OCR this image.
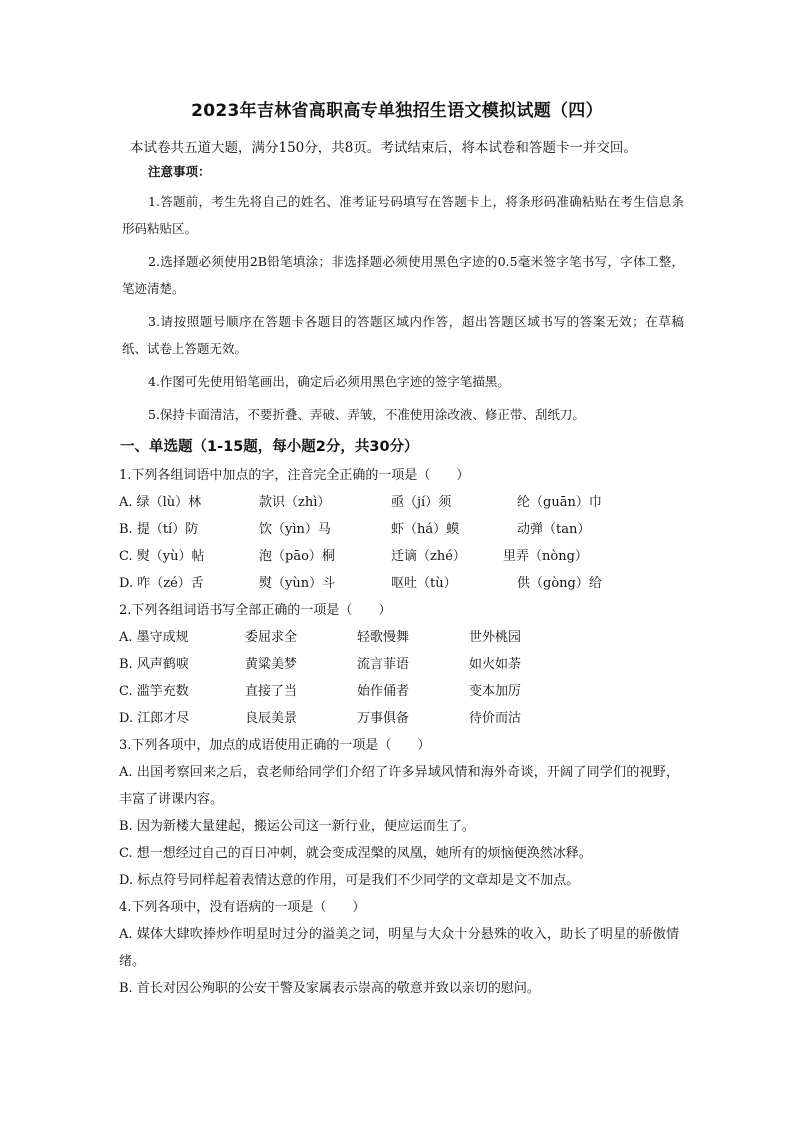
2023年吉林省高职高专单独招生语文模拟试题（四）
本试卷共五道大题，满分150分，共8页。考试结束后，将本试卷和答题卡一并交回。
注意事项：
1.答题前，考生先将自己的姓名、准考证号码填写在答题卡上，将条形码准确粘贴在考生信息条形码粘贴区。
2.选择题必须使用2B铅笔填涂；非选择题必须使用黑色字迹的0.5毫米签字笔书写，字体工整，笔迹清楚。
3.请按照题号顺序在答题卡各题目的答题区域内作答，超出答题区域书写的答案无效；在草稿纸、试卷上答题无效。
4.作图可先使用铅笔画出，确定后必须用黑色字迹的签字笔描黑。
5.保持卡面清洁，不要折叠、弄破、弄皱，不准使用涂改液、修正带、刮纸刀。
一、单选题（1-15题，每小题2分，共30分）
1.下列各组词语中加点的字，注音完全正确的一项是（　　）
A. 绿（lù）林	款识（zhì）	亟（jí）须	纶（guān）巾
B. 提（tí）防	饮（yìn）马	虾（há）蟆	动弹（tan）
C. 熨（yù）帖	泡（pāo）桐	迁谪（zhé）	里弄（nòng）
D. 咋（zé）舌	熨（yùn）斗	呕吐（tù）	供（gòng）给
2.下列各组词语书写全部正确的一项是（　　）
A. 墨守成规	委屈求全	轻歌慢舞	世外桃园
B. 风声鹤唳	黄粱美梦	流言菲语	如火如荼
C. 滥竽充数	直接了当	始作俑者	变本加厉
D. 江郎才尽	良辰美景	万事俱备	待价而沽
3.下列各项中，加点的成语使用正确的一项是（　　）
A. 出国考察回来之后，袁老师给同学们介绍了许多异域风情和海外奇谈，开阔了同学们的视野，丰富了讲课内容。
B. 因为新楼大量建起，搬运公司这一新行业，便应运而生了。
C. 想一想经过自己的百日冲刺，就会变成涅槃的凤凰，她所有的烦恼便涣然冰释。
D. 标点符号同样起着表情达意的作用，可是我们不少同学的文章却是文不加点。
4.下列各项中，没有语病的一项是（　　）
A. 媒体大肆吹捧炒作明星时过分的溢美之词，明星与大众十分悬殊的收入，助长了明星的骄傲情绪。
B. 首长对因公殉职的公安干警及家属表示崇高的敬意并致以亲切的慰问。
